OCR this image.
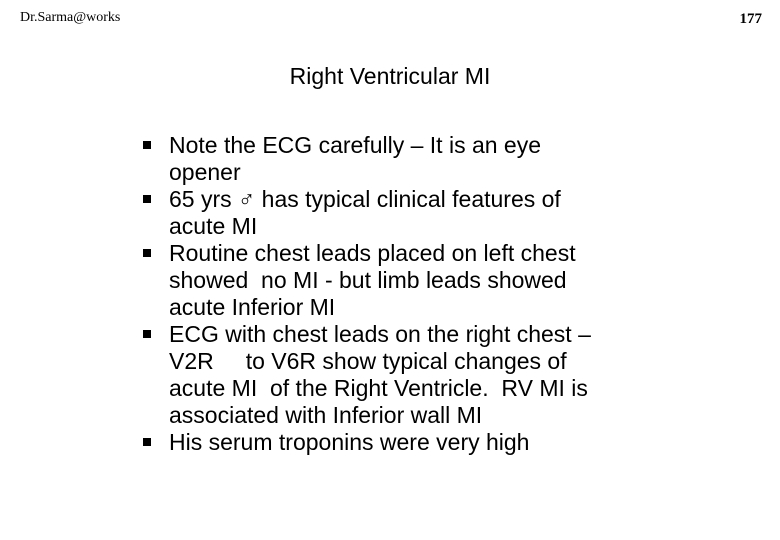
Dr.Sarma@works	177
Right Ventricular MI
Note the ECG carefully – It is an eye
opener
65 yrs ♂ has typical clinical features of
acute MI
Routine chest leads placed on left chest
showed  no MI - but limb leads showed
acute Inferior MI
ECG with chest leads on the right chest –
V2R     to V6R show typical changes of
acute MI  of the Right Ventricle.  RV MI is
associated with Inferior wall MI
His serum troponins were very high
